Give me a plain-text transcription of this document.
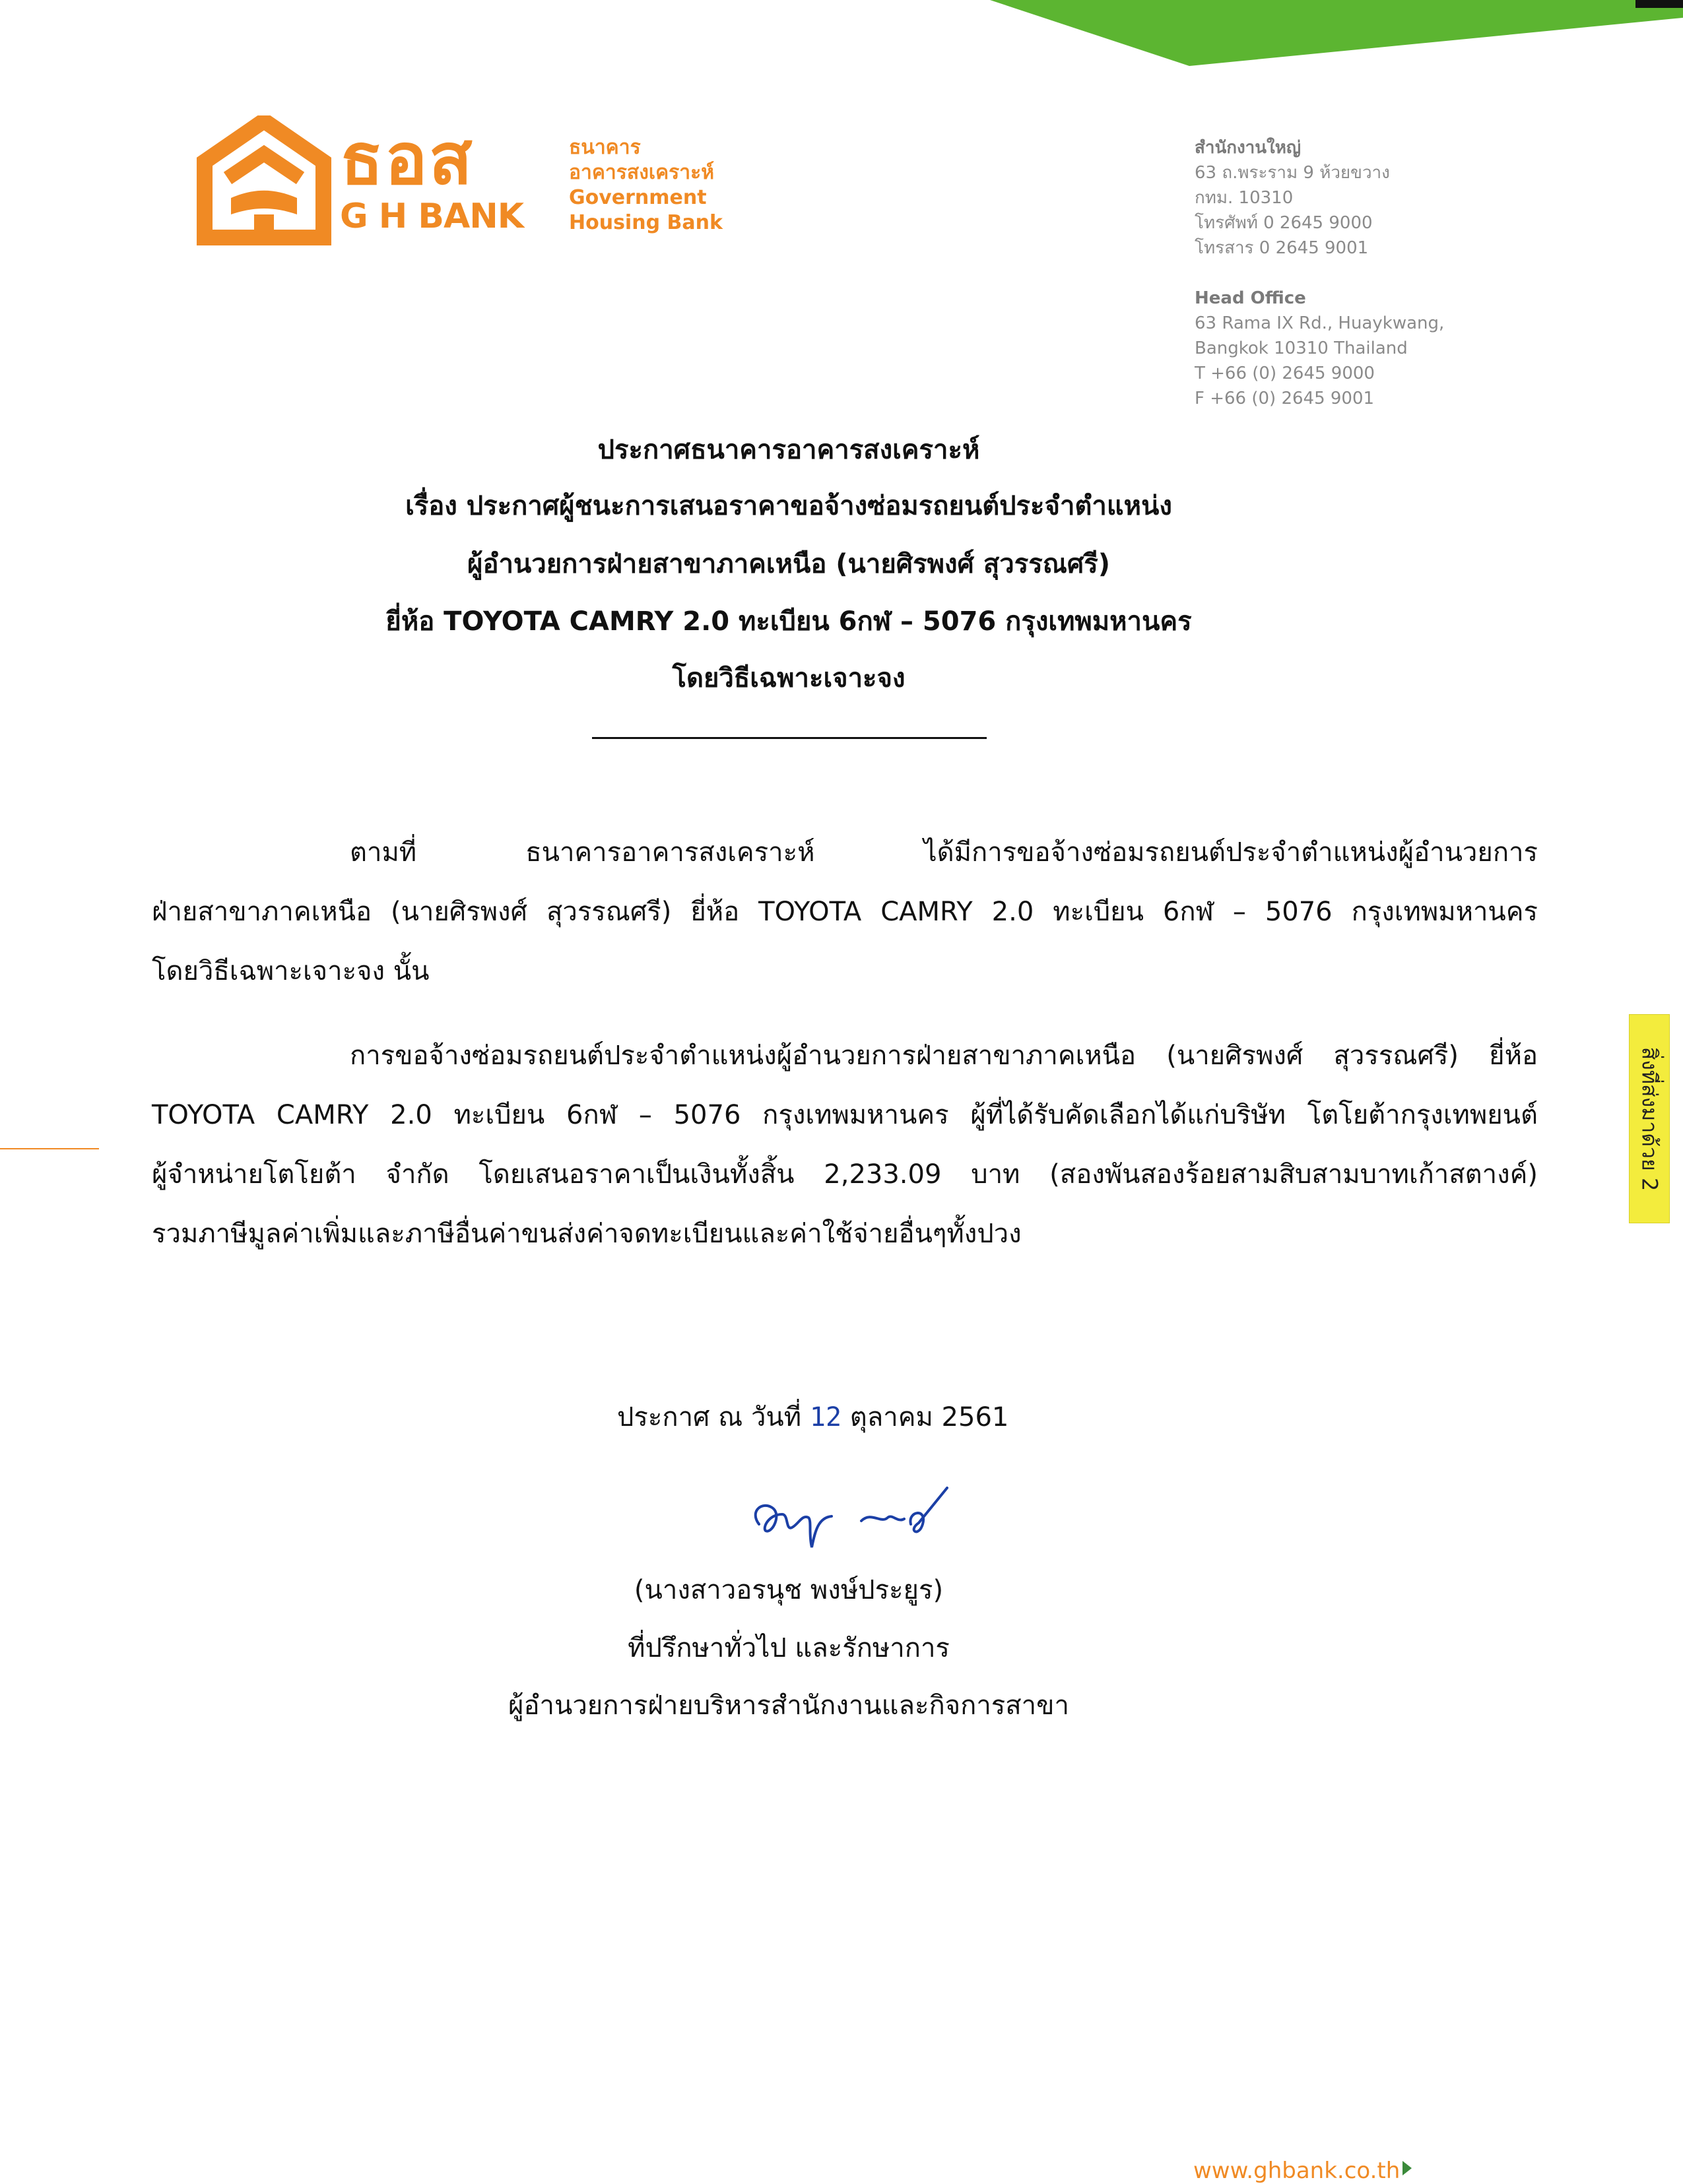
ธอส
G H BANK
ธนาคาร
อาคารสงเคราะห์
Government
Housing Bank
สำนักงานใหญ่
63 ถ.พระราม 9 ห้วยขวาง
กทม. 10310
โทรศัพท์ 0 2645 9000
โทรสาร 0 2645 9001
Head Office
63 Rama IX Rd., Huaykwang,
Bangkok 10310 Thailand
T +66 (0) 2645 9000
F +66 (0) 2645 9001
ประกาศธนาคารอาคารสงเคราะห์
เรื่อง ประกาศผู้ชนะการเสนอราคาขอจ้างซ่อมรถยนต์ประจำตำแหน่ง
ผู้อำนวยการฝ่ายสาขาภาคเหนือ (นายศิรพงศ์ สุวรรณศรี)
ยี่ห้อ TOYOTA CAMRY 2.0 ทะเบียน 6กฬ – 5076 กรุงเทพมหานคร
โดยวิธีเฉพาะเจาะจง
ตามที่ ธนาคารอาคารสงเคราะห์ ได้มีการขอจ้างซ่อมรถยนต์ประจำตำแหน่งผู้อำนวยการ
ฝ่ายสาขาภาคเหนือ (นายศิรพงศ์ สุวรรณศรี) ยี่ห้อ TOYOTA CAMRY 2.0 ทะเบียน 6กฬ – 5076 กรุงเทพมหานคร
โดยวิธีเฉพาะเจาะจง นั้น
การขอจ้างซ่อมรถยนต์ประจำตำแหน่งผู้อำนวยการฝ่ายสาขาภาคเหนือ (นายศิรพงศ์ สุวรรณศรี) ยี่ห้อ
TOYOTA CAMRY 2.0 ทะเบียน 6กฬ – 5076 กรุงเทพมหานคร ผู้ที่ได้รับคัดเลือกได้แก่บริษัท โตโยต้ากรุงเทพยนต์
ผู้จำหน่ายโตโยต้า จำกัด โดยเสนอราคาเป็นเงินทั้งสิ้น 2,233.09 บาท (สองพันสองร้อยสามสิบสามบาทเก้าสตางค์)
รวมภาษีมูลค่าเพิ่มและภาษีอื่นค่าขนส่งค่าจดทะเบียนและค่าใช้จ่ายอื่นๆทั้งปวง
ประกาศ ณ วันที่ 12 ตุลาคม 2561
(นางสาวอรนุช พงษ์ประยูร)
ที่ปรึกษาทั่วไป และรักษาการ
ผู้อำนวยการฝ่ายบริหารสำนักงานและกิจการสาขา
สิ่งที่ส่งมาด้วย 2
www.ghbank.co.th
